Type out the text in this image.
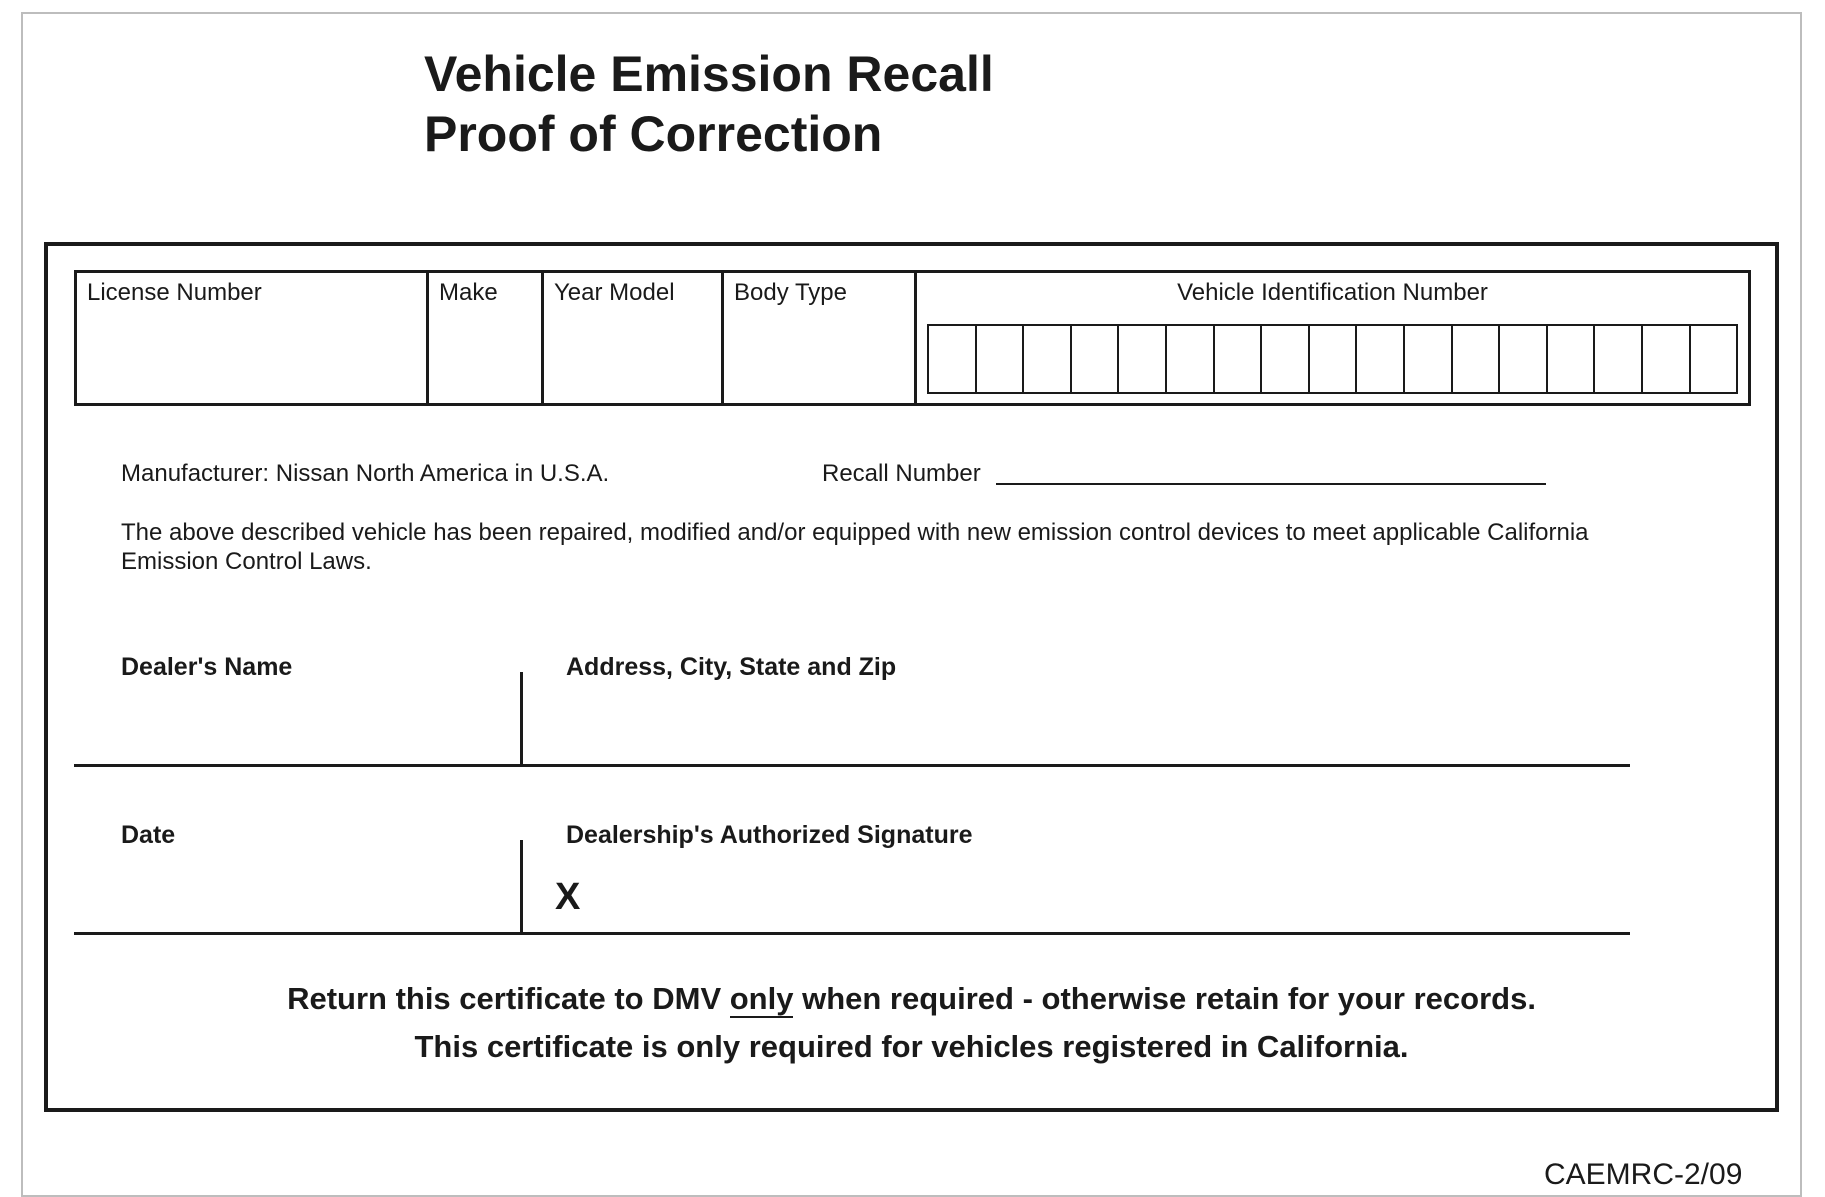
Vehicle Emission Recall
Proof of Correction
License Number	Make	Year Model	Body Type	Vehicle Identification Number
Manufacturer: Nissan North America in U.S.A.	Recall Number

The above described vehicle has been repaired, modified and/or equipped with new emission control devices to meet applicable California Emission Control Laws.

Dealer's Name	Address, City, State and Zip
Date	Dealership's Authorized Signature
X
Return this certificate to DMV only when required - otherwise retain for your records.
This certificate is only required for vehicles registered in California.
CAEMRC-2/09
